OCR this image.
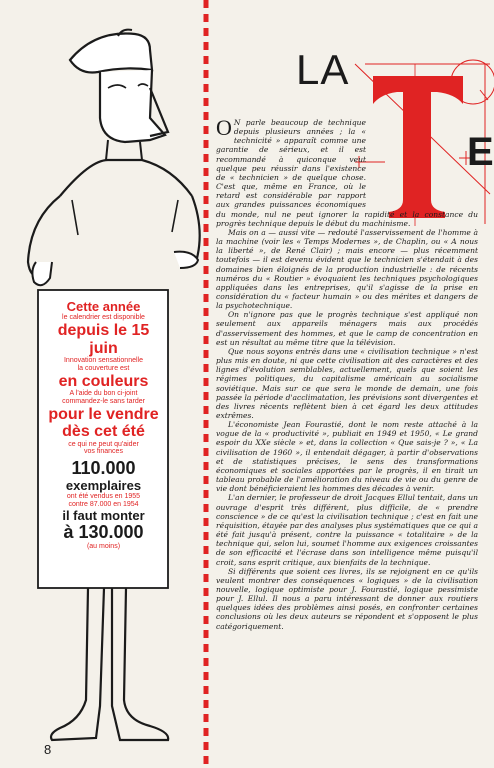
Cette année
le calendrier est disponible
depuis le 15 juin
Innovation sensationnelle
la couverture est
en couleurs
A l'aide du bon ci-joint
commandez-le sans tarder
pour le vendre
dès cet été
ce qui ne peut qu'aider
vos finances
110.000
exemplaires
ont été vendus en 1955
contre 87.000 en 1954
il faut monter
à 130.000
(au moins)
8
LA
T
E

O N parle beaucoup de technique depuis plusieurs années ; la « technicité » apparaît comme une garantie de sérieux, et il est recommandé à quiconque veut quelque peu réussir dans l'existence de « technicien » de quelque chose. C'est que, même en France, où le retard est considérable par rapport aux grandes puissances économiques du monde, nul ne peut ignorer la rapidité et la constance du progrès technique depuis le début du machinisme.

Mais on a — aussi vite — redouté l'asservissement de l'homme à la machine (voir les « Temps Modernes », de Chaplin, ou « A nous la liberté », de René Clair) ; mais encore — plus récemment toutefois — il est devenu évident que le technicien s'étendait à des domaines bien éloignés de la production industrielle : de récents numéros du « Routier » évoquaient les techniques psychologiques appliquées dans les entreprises, qu'il s'agisse de la prise en considération du « facteur humain » ou des mérites et dangers de la psychotechnique.

On n'ignore pas que le progrès technique s'est appliqué non seulement aux appareils ménagers mais aux procédés d'asservissement des hommes, et que le camp de concentration en est un résultat au même titre que la télévision.

Que nous soyons entrés dans une « civilisation technique » n'est plus mis en doute, ni que cette civilisation ait des caractères et des lignes d'évolution semblables, actuellement, quels que soient les régimes politiques, du capitalisme américain au socialisme soviétique. Mais sur ce que sera le monde de demain, une fois passée la période d'acclimatation, les prévisions sont divergentes et des livres récents reflètent bien à cet égard les deux attitudes extrêmes.

L'économiste Jean Fourastié, dont le nom reste attaché à la vogue de la « productivité », publiait en 1949 et 1950, « Le grand espoir du XXe siècle » et, dans la collection « Que sais-je ? », « La civilisation de 1960 », il entendait dégager, à partir d'observations et de statistiques précises, le sens des transformations économiques et sociales apportées par le progrès, il en tirait un tableau probable de l'amélioration du niveau de vie ou du genre de vie dont bénéficieraient les hommes des décades à venir.

L'an dernier, le professeur de droit Jacques Ellul tentait, dans un ouvrage d'esprit très différent, plus difficile, de « prendre conscience » de ce qu'est la civilisation technique ; c'est en fait une réquisition, étayée par des analyses plus systématiques que ce qui a été fait jusqu'à présent, contre la puissance « totalitaire » de la technique qui, selon lui, soumet l'homme aux exigences croissantes de son efficacité et l'écrase dans son intelligence même puisqu'il croit, sans esprit critique, aux bienfaits de la technique.

Si différents que soient ces livres, ils se rejoignent en ce qu'ils veulent montrer des conséquences « logiques » de la civilisation nouvelle, logique optimiste pour J. Fourastié, logique pessimiste pour J. Ellul. Il nous a paru intéressant de donner aux routiers quelques idées des problèmes ainsi posés, en confronter certaines conclusions où les deux auteurs se répondent et s'opposent le plus catégoriquement.
